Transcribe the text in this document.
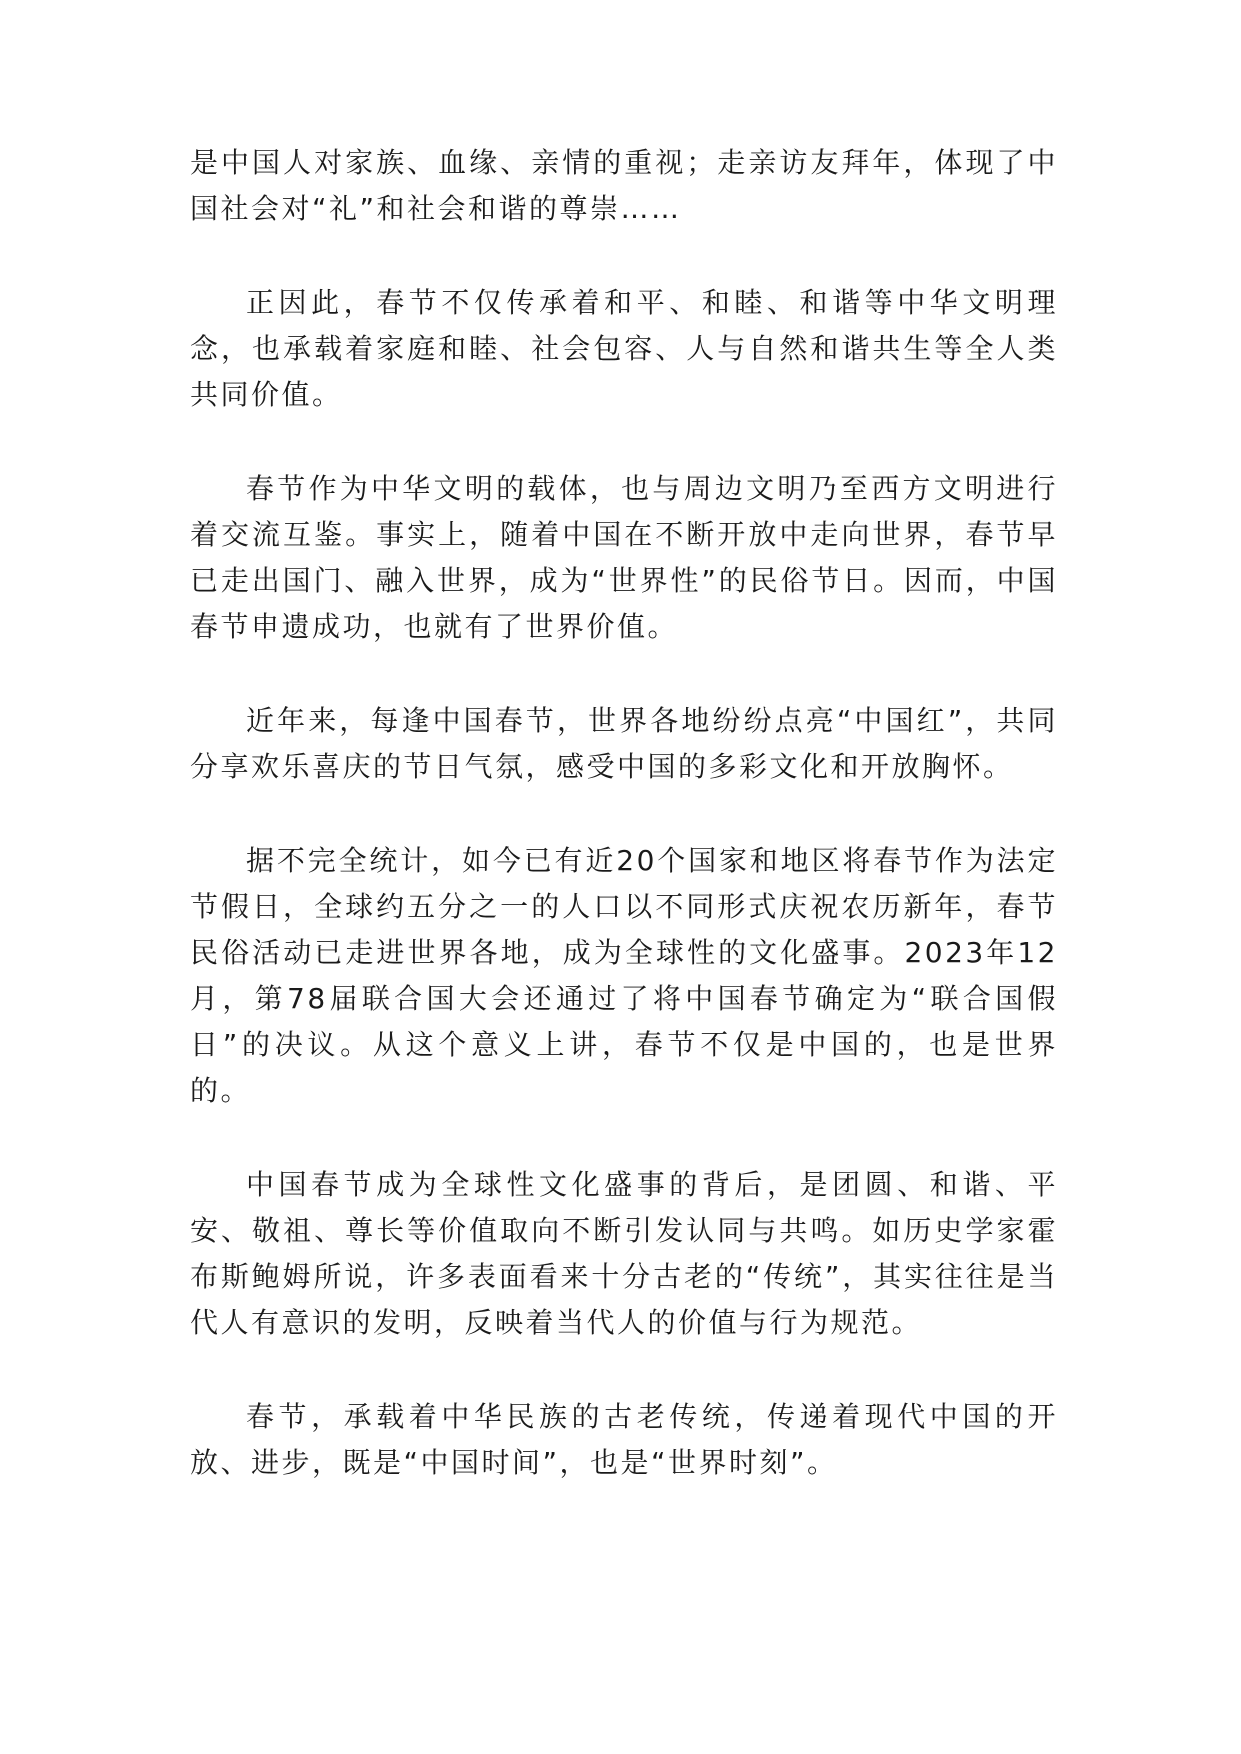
是中国人对家族、血缘、亲情的重视；走亲访友拜年，体现了中国社会对“礼”和社会和谐的尊崇……

正因此，春节不仅传承着和平、和睦、和谐等中华文明理念，也承载着家庭和睦、社会包容、人与自然和谐共生等全人类共同价值。

春节作为中华文明的载体，也与周边文明乃至西方文明进行着交流互鉴。事实上，随着中国在不断开放中走向世界，春节早已走出国门、融入世界，成为“世界性”的民俗节日。因而，中国春节申遗成功，也就有了世界价值。

近年来，每逢中国春节，世界各地纷纷点亮“中国红”，共同分享欢乐喜庆的节日气氛，感受中国的多彩文化和开放胸怀。

据不完全统计，如今已有近20个国家和地区将春节作为法定节假日，全球约五分之一的人口以不同形式庆祝农历新年，春节民俗活动已走进世界各地，成为全球性的文化盛事。2023年12月，第78届联合国大会还通过了将中国春节确定为“联合国假日”的决议。从这个意义上讲，春节不仅是中国的，也是世界的。

中国春节成为全球性文化盛事的背后，是团圆、和谐、平安、敬祖、尊长等价值取向不断引发认同与共鸣。如历史学家霍布斯鲍姆所说，许多表面看来十分古老的“传统”，其实往往是当代人有意识的发明，反映着当代人的价值与行为规范。

春节，承载着中华民族的古老传统，传递着现代中国的开放、进步，既是“中国时间”，也是“世界时刻”。
